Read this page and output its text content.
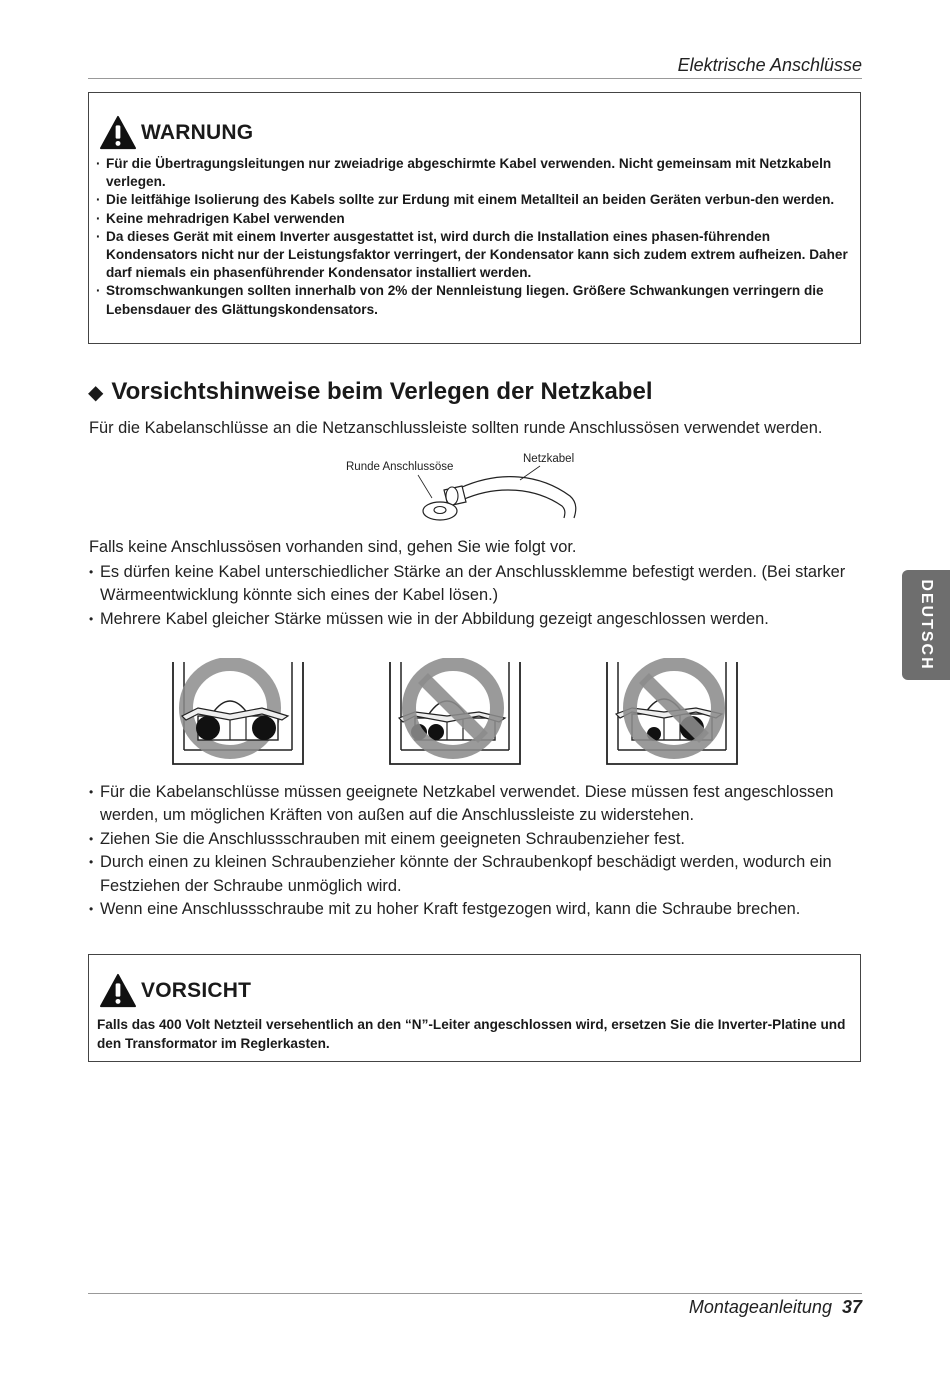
Elektrische Anschlüsse
WARNUNG
· Für die Übertragungsleitungen nur zweiadrige abgeschirmte Kabel verwenden. Nicht gemeinsam mit Netzkabeln verlegen.
· Die leitfähige Isolierung des Kabels sollte zur Erdung mit einem Metallteil an beiden Geräten verbun-den werden.
· Keine mehradrigen Kabel verwenden
· Da dieses Gerät mit einem Inverter ausgestattet ist, wird durch die Installation eines phasen-führenden Kondensators nicht nur der Leistungsfaktor verringert, der Kondensator kann sich zudem extrem aufheizen. Daher darf niemals ein phasenführender Kondensator installiert werden.
· Stromschwankungen sollten innerhalb von 2% der Nennleistung liegen. Größere Schwankungen verringern die Lebensdauer des Glättungskondensators.
◆ Vorsichtshinweise beim Verlegen der Netzkabel
Für die Kabelanschlüsse an die Netzanschlussleiste sollten runde Anschlussösen verwendet werden.
Runde Anschlussöse
Netzkabel
Falls keine Anschlussösen vorhanden sind, gehen Sie wie folgt vor.
• Es dürfen keine Kabel unterschiedlicher Stärke an der Anschlussklemme befestigt werden. (Bei starker Wärmeentwicklung könnte sich eines der Kabel lösen.)
• Mehrere Kabel gleicher Stärke müssen wie in der Abbildung gezeigt angeschlossen werden.
• Für die Kabelanschlüsse müssen geeignete Netzkabel verwendet. Diese müssen fest angeschlossen werden, um möglichen Kräften von außen auf die Anschlussleiste zu widerstehen.
• Ziehen Sie die Anschlussschrauben mit einem geeigneten Schraubenzieher fest.
• Durch einen zu kleinen Schraubenzieher könnte der Schraubenkopf beschädigt werden, wodurch ein Festziehen der Schraube unmöglich wird.
• Wenn eine Anschlussschraube mit zu hoher Kraft festgezogen wird, kann die Schraube brechen.
VORSICHT
Falls das 400 Volt Netzteil versehentlich an den “N”-Leiter angeschlossen wird, ersetzen Sie die Inverter-Platine und den Transformator im Reglerkasten.
DEUTSCH
Montageanleitung 37
